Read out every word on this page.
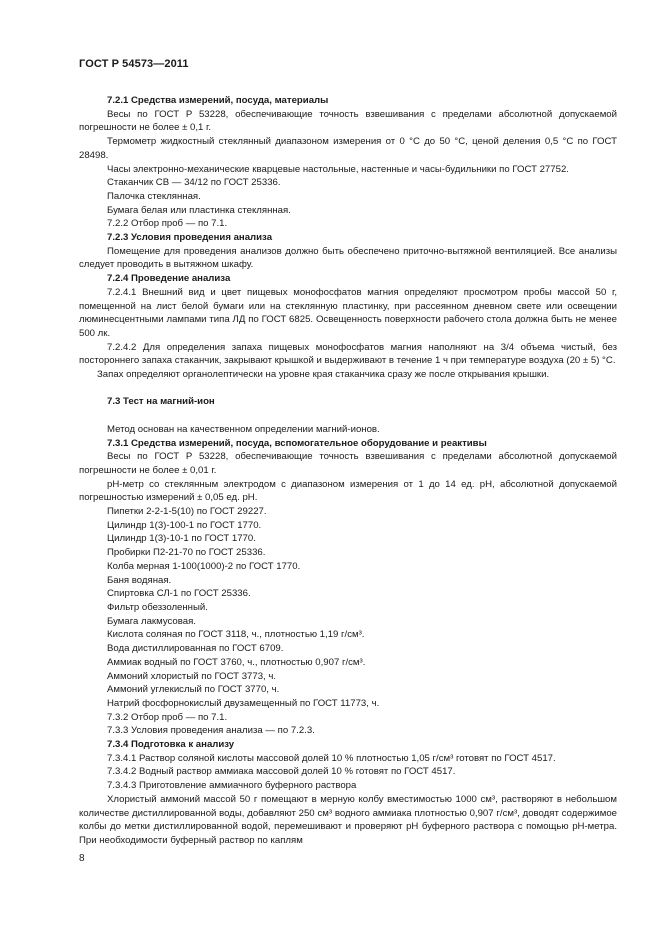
ГОСТ Р 54573—2011
7.2.1 Средства измерений, посуда, материалы
Весы по ГОСТ Р 53228, обеспечивающие точность взвешивания с пределами абсолютной допускаемой погрешности не более ± 0,1 г.
Термометр жидкостный стеклянный диапазоном измерения от 0 °С до 50 °С, ценой деления 0,5 °С по ГОСТ 28498.
Часы электронно-механические кварцевые настольные, настенные и часы-будильники по ГОСТ 27752.
Стаканчик СВ — 34/12 по ГОСТ 25336.
Палочка стеклянная.
Бумага белая или пластинка стеклянная.
7.2.2 Отбор проб — по 7.1.
7.2.3 Условия проведения анализа
Помещение для проведения анализов должно быть обеспечено приточно-вытяжной вентиляцией. Все анализы следует проводить в вытяжном шкафу.
7.2.4 Проведение анализа
7.2.4.1 Внешний вид и цвет пищевых монофосфатов магния определяют просмотром пробы массой 50 г, помещенной на лист белой бумаги или на стеклянную пластинку, при рассеянном дневном свете или освещении люминесцентными лампами типа ЛД по ГОСТ 6825. Освещенность поверхности рабочего стола должна быть не менее 500 лк.
7.2.4.2 Для определения запаха пищевых монофосфатов магния наполняют на 3/4 объема чистый, без постороннего запаха стаканчик, закрывают крышкой и выдерживают в течение 1 ч при температуре воздуха (20 ± 5) °С.
Запах определяют органолептически на уровне края стаканчика сразу же после открывания крышки.
7.3 Тест на магний-ион
Метод основан на качественном определении магний-ионов.
7.3.1 Средства измерений, посуда, вспомогательное оборудование и реактивы
Весы по ГОСТ Р 53228, обеспечивающие точность взвешивания с пределами абсолютной допускаемой погрешности не более ± 0,01 г.
pH-метр со стеклянным электродом с диапазоном измерения от 1 до 14 ед. pH, абсолютной допускаемой погрешностью измерений ± 0,05 ед. pH.
Пипетки 2-2-1-5(10) по ГОСТ 29227.
Цилиндр 1(3)-100-1 по ГОСТ 1770.
Цилиндр 1(3)-10-1 по ГОСТ 1770.
Пробирки П2-21-70 по ГОСТ 25336.
Колба мерная 1-100(1000)-2 по ГОСТ 1770.
Баня водяная.
Спиртовка СЛ-1 по ГОСТ 25336.
Фильтр обеззоленный.
Бумага лакмусовая.
Кислота соляная по ГОСТ 3118, ч., плотностью 1,19 г/см³.
Вода дистиллированная по ГОСТ 6709.
Аммиак водный по ГОСТ 3760, ч., плотностью 0,907 г/см³.
Аммоний хлористый по ГОСТ 3773, ч.
Аммоний углекислый по ГОСТ 3770, ч.
Натрий фосфорнокислый двузамещенный по ГОСТ 11773, ч.
7.3.2 Отбор проб — по 7.1.
7.3.3 Условия проведения анализа — по 7.2.3.
7.3.4 Подготовка к анализу
7.3.4.1 Раствор соляной кислоты массовой долей 10 % плотностью 1,05 г/см³ готовят по ГОСТ 4517.
7.3.4.2 Водный раствор аммиака массовой долей 10 % готовят по ГОСТ 4517.
7.3.4.3 Приготовление аммиачного буферного раствора
Хлористый аммоний массой 50 г помещают в мерную колбу вместимостью 1000 см³, растворяют в небольшом количестве дистиллированной воды, добавляют 250 см³ водного аммиака плотностью 0,907 г/см³, доводят содержимое колбы до метки дистиллированной водой, перемешивают и проверяют pH буферного раствора с помощью pH-метра. При необходимости буферный раствор по каплям
8
